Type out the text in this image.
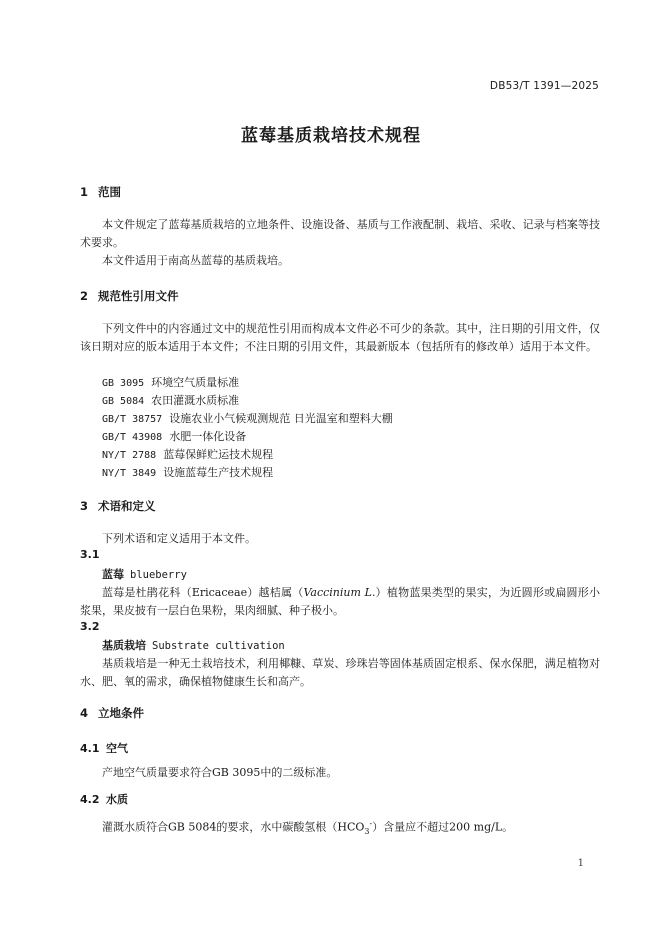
DB53/T 1391—2025
蓝莓基质栽培技术规程
1 范围
本文件规定了蓝莓基质栽培的立地条件、设施设备、基质与工作液配制、栽培、采收、记录与档案等技术要求。
本文件适用于南高丛蓝莓的基质栽培。
2 规范性引用文件
下列文件中的内容通过文中的规范性引用而构成本文件必不可少的条款。其中，注日期的引用文件，仅该日期对应的版本适用于本文件；不注日期的引用文件，其最新版本（包括所有的修改单）适用于本文件。
GB 3095 环境空气质量标准
GB 5084 农田灌溉水质标准
GB/T 38757 设施农业小气候观测规范 日光温室和塑料大棚
GB/T 43908 水肥一体化设备
NY/T 2788 蓝莓保鲜贮运技术规程
NY/T 3849 设施蓝莓生产技术规程
3 术语和定义
下列术语和定义适用于本文件。
3.1
蓝莓 blueberry
蓝莓是杜鹃花科（Ericaceae）越桔属（Vaccinium L.）植物蓝果类型的果实，为近圆形或扁圆形小浆果，果皮披有一层白色果粉，果肉细腻、种子极小。
3.2
基质栽培 Substrate cultivation
基质栽培是一种无土栽培技术，利用椰糠、草炭、珍珠岩等固体基质固定根系、保水保肥，满足植物对水、肥、氧的需求，确保植物健康生长和高产。
4 立地条件
4.1 空气
产地空气质量要求符合GB 3095中的二级标准。
4.2 水质
灌溉水质符合GB 5084的要求，水中碳酸氢根$(HCO_3^-)$含量应不超过200 mg/L。
1
